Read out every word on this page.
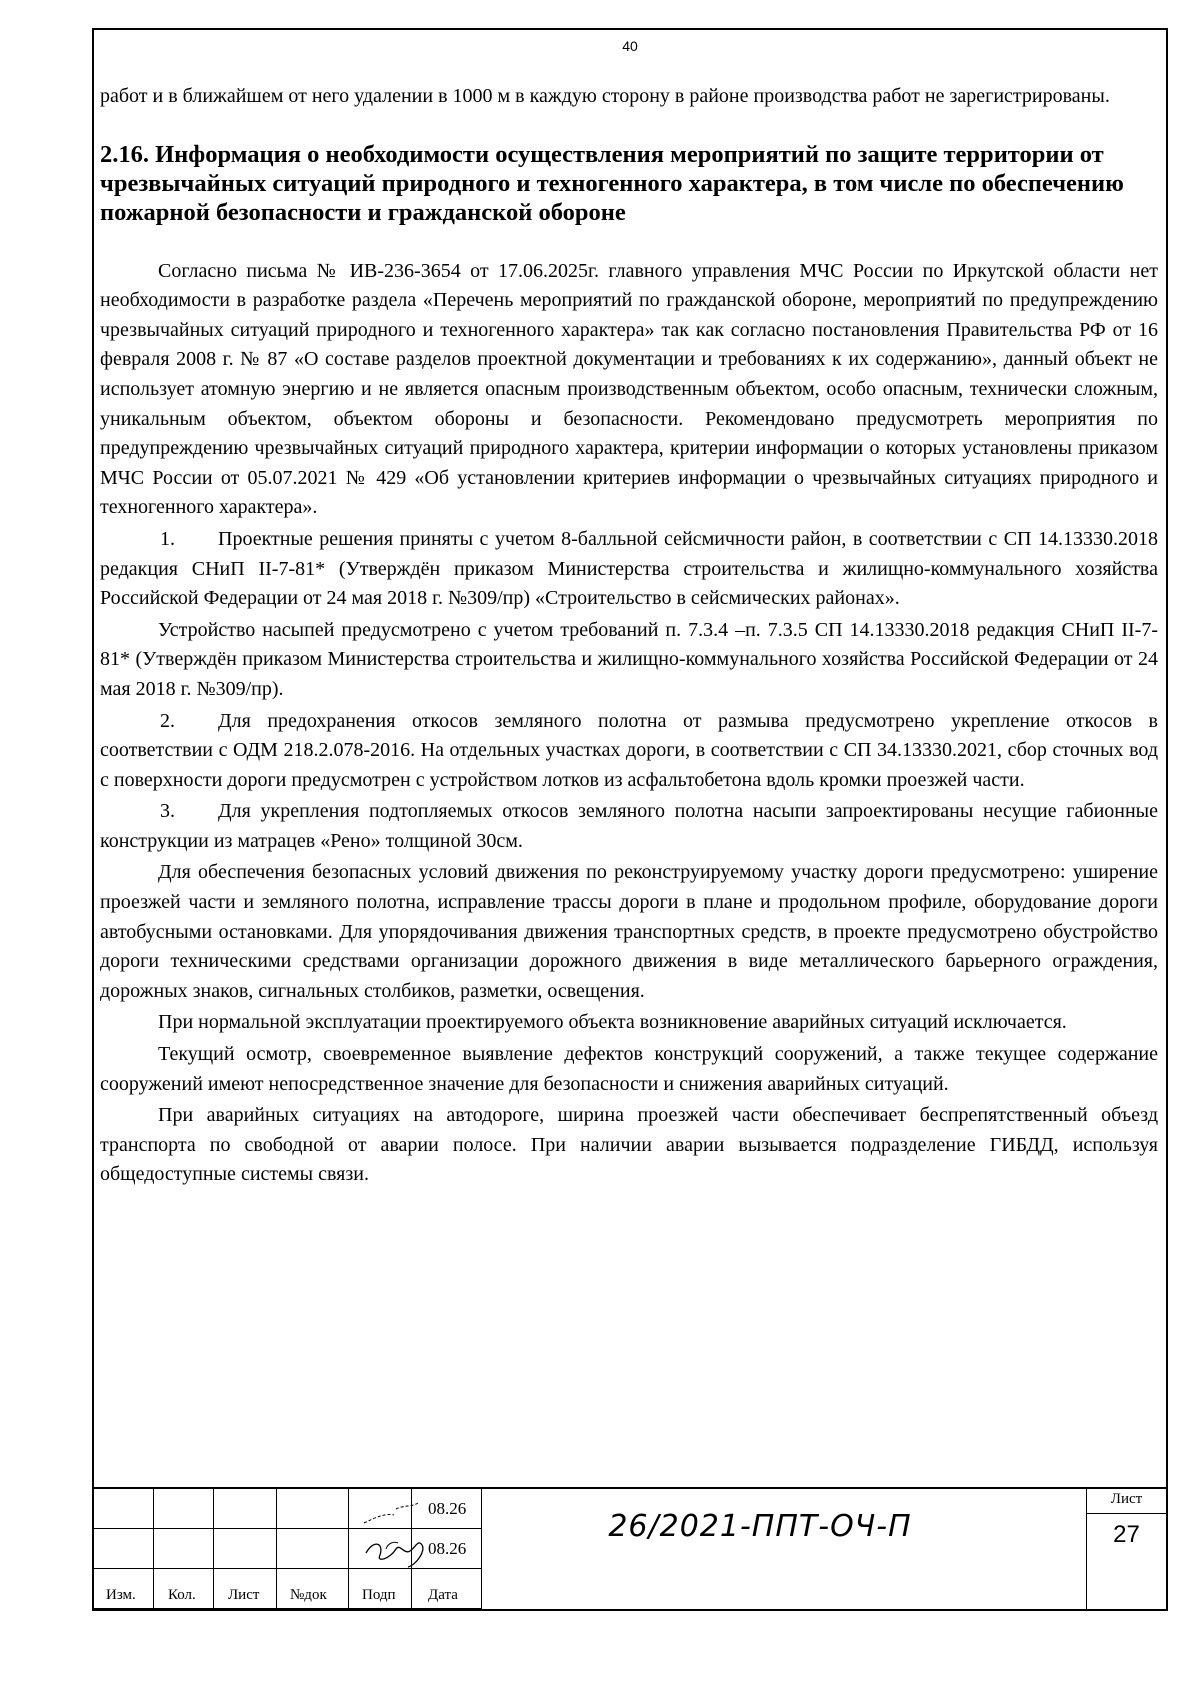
40

работ и в ближайшем от него удалении в 1000 м в каждую сторону в районе производства работ не зарегистрированы.

2.16. Информация о необходимости осуществления мероприятий по защите территории от чрезвычайных ситуаций природного и техногенного характера, в том числе по обеспечению пожарной безопасности и гражданской обороне

Согласно письма № ИВ-236-3654 от 17.06.2025г. главного управления МЧС России по Иркутской области нет необходимости в разработке раздела «Перечень мероприятий по гражданской обороне, мероприятий по предупреждению чрезвычайных ситуаций природного и техногенного характера» так как согласно постановления Правительства РФ от 16 февраля 2008 г. № 87 «О составе разделов проектной документации и требованиях к их содержанию», данный объект не использует атомную энергию и не является опасным производственным объектом, особо опасным, технически сложным, уникальным объектом, объектом обороны и безопасности. Рекомендовано предусмотреть мероприятия по предупреждению чрезвычайных ситуаций природного характера, критерии информации о которых установлены приказом МЧС России от 05.07.2021 № 429 «Об установлении критериев информации о чрезвычайных ситуациях природного и техногенного характера».

1. Проектные решения приняты с учетом 8-балльной сейсмичности район, в соответствии с СП 14.13330.2018 редакция СНиП II-7-81* (Утверждён приказом Министерства строительства и жилищно-коммунального хозяйства Российской Федерации от 24 мая 2018 г. №309/пр) «Строительство в сейсмических районах».

Устройство насыпей предусмотрено с учетом требований п. 7.3.4 –п. 7.3.5 СП 14.13330.2018 редакция СНиП II-7-81* (Утверждён приказом Министерства строительства и жилищно-коммунального хозяйства Российской Федерации от 24 мая 2018 г. №309/пр).

2. Для предохранения откосов земляного полотна от размыва предусмотрено укрепление откосов в соответствии с ОДМ 218.2.078-2016. На отдельных участках дороги, в соответствии с СП 34.13330.2021, сбор сточных вод с поверхности дороги предусмотрен с устройством лотков из асфальтобетона вдоль кромки проезжей части.

3. Для укрепления подтопляемых откосов земляного полотна насыпи запроектированы несущие габионные конструкции из матрацев «Рено» толщиной 30см.

Для обеспечения безопасных условий движения по реконструируемому участку дороги предусмотрено: уширение проезжей части и земляного полотна, исправление трассы дороги в плане и продольном профиле, оборудование дороги автобусными остановками. Для упорядочивания движения транспортных средств, в проекте предусмотрено обустройство дороги техническими средствами организации дорожного движения в виде металлического барьерного ограждения, дорожных знаков, сигнальных столбиков, разметки, освещения.

При нормальной эксплуатации проектируемого объекта возникновение аварийных ситуаций исключается.

Текущий осмотр, своевременное выявление дефектов конструкций сооружений, а также текущее содержание сооружений имеют непосредственное значение для безопасности и снижения аварийных ситуаций.

При аварийных ситуациях на автодороге, ширина проезжей части обеспечивает беспрепятственный объезд транспорта по свободной от аварии полосе. При наличии аварии вызывается подразделение ГИБДД, используя общедоступные системы связи.

08.26
08.26
Изм. Кол. Лист №док Подп Дата
26/2021-ППТ-ОЧ-П
Лист
27
